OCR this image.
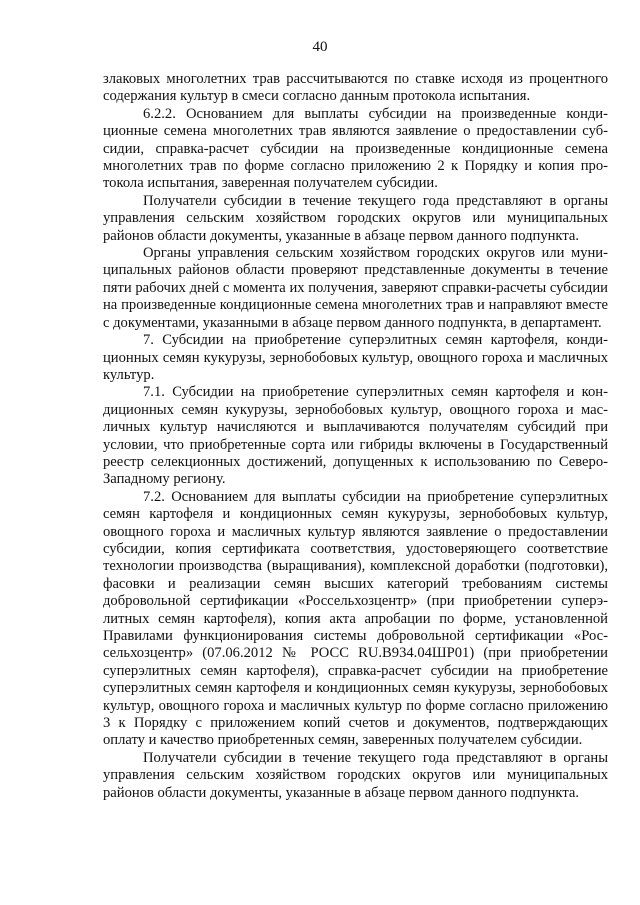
40

злаковых многолетних трав рассчитываются по ставке исходя из процентного содержания культур в смеси согласно данным протокола испытания.

6.2.2. Основанием для выплаты субсидии на произведенные кондиционные семена многолетних трав являются заявление о предоставлении субсидии, справка-расчет субсидии на произведенные кондиционные семена многолетних трав по форме согласно приложению 2 к Порядку и копия протокола испытания, заверенная получателем субсидии.

Получатели субсидии в течение текущего года представляют в органы управления сельским хозяйством городских округов или муниципальных районов области документы, указанные в абзаце первом данного подпункта.

Органы управления сельским хозяйством городских округов или муниципальных районов области проверяют представленные документы в течение пяти рабочих дней с момента их получения, заверяют справки-расчеты субсидии на произведенные кондиционные семена многолетних трав и направляют вместе с документами, указанными в абзаце первом данного подпункта, в департамент.

7. Субсидии на приобретение суперэлитных семян картофеля, кондиционных семян кукурузы, зернобобовых культур, овощного гороха и масличных культур.

7.1. Субсидии на приобретение суперэлитных семян картофеля и кондиционных семян кукурузы, зернобобовых культур, овощного гороха и масличных культур начисляются и выплачиваются получателям субсидий при условии, что приобретенные сорта или гибриды включены в Государственный реестр селекционных достижений, допущенных к использованию по Северо-Западному региону.

7.2. Основанием для выплаты субсидии на приобретение суперэлитных семян картофеля и кондиционных семян кукурузы, зернобобовых культур, овощного гороха и масличных культур являются заявление о предоставлении субсидии, копия сертификата соответствия, удостоверяющего соответствие технологии производства (выращивания), комплексной доработки (подготовки), фасовки и реализации семян высших категорий требованиям системы добровольной сертификации «Россельхозцентр» (при приобретении суперэлитных семян картофеля), копия акта апробации по форме, установленной Правилами функционирования системы добровольной сертификации «Россельхозцентр» (07.06.2012 № РОСС RU.В934.04ШР01) (при приобретении суперэлитных семян картофеля), справка-расчет субсидии на приобретение суперэлитных семян картофеля и кондиционных семян кукурузы, зернобобовых культур, овощного гороха и масличных культур по форме согласно приложению 3 к Порядку с приложением копий счетов и документов, подтверждающих оплату и качество приобретенных семян, заверенных получателем субсидии.

Получатели субсидии в течение текущего года представляют в органы управления сельским хозяйством городских округов или муниципальных районов области документы, указанные в абзаце первом данного подпункта.
